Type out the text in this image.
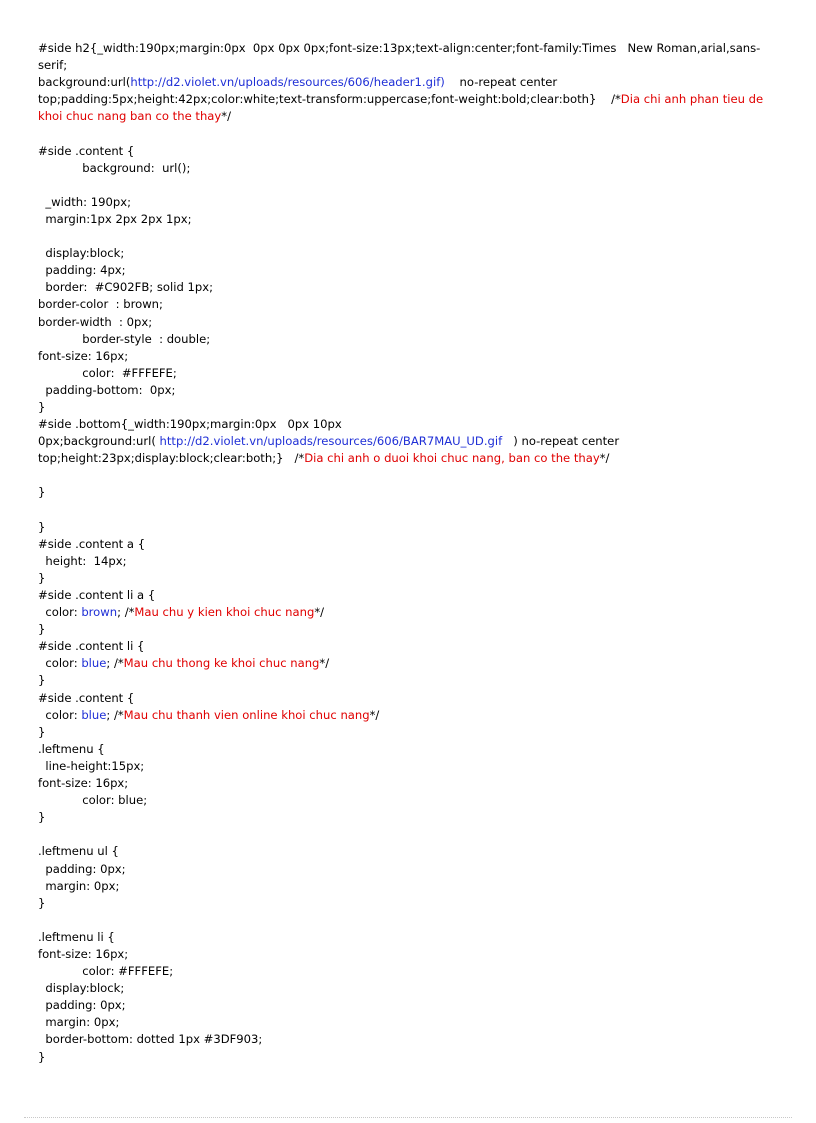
#side h2{_width:190px;margin:0px  0px 0px 0px;font-size:13px;text-align:center;font-family:Times   New Roman,arial,sans-
serif;
background:url(http://d2.violet.vn/uploads/resources/606/header1.gif)    no-repeat center
top;padding:5px;height:42px;color:white;text-transform:uppercase;font-weight:bold;clear:both}    /*Dia chi anh phan tieu de
khoi chuc nang ban co the thay*/
#side .content {
background:  url();
_width: 190px;
margin:1px 2px 2px 1px;
display:block;
padding: 4px;
border:  #C902FB; solid 1px;
border-color  : brown;
border-width  : 0px;
border-style  : double;
font-size: 16px;
color:  #FFFEFE;
padding-bottom:  0px;
}
#side .bottom{_width:190px;margin:0px   0px 10px
0px;background:url( http://d2.violet.vn/uploads/resources/606/BAR7MAU_UD.gif   ) no-repeat center
top;height:23px;display:block;clear:both;}   /*Dia chi anh o duoi khoi chuc nang, ban co the thay*/
}
}
#side .content a {
height:  14px;
}
#side .content li a {
color: brown; /*Mau chu y kien khoi chuc nang*/
}
#side .content li {
color: blue; /*Mau chu thong ke khoi chuc nang*/
}
#side .content {
color: blue; /*Mau chu thanh vien online khoi chuc nang*/
}
.leftmenu {
line-height:15px;
font-size: 16px;
color: blue;
}
.leftmenu ul {
padding: 0px;
margin: 0px;
}
.leftmenu li {
font-size: 16px;
color: #FFFEFE;
display:block;
padding: 0px;
margin: 0px;
border-bottom: dotted 1px #3DF903;
}
